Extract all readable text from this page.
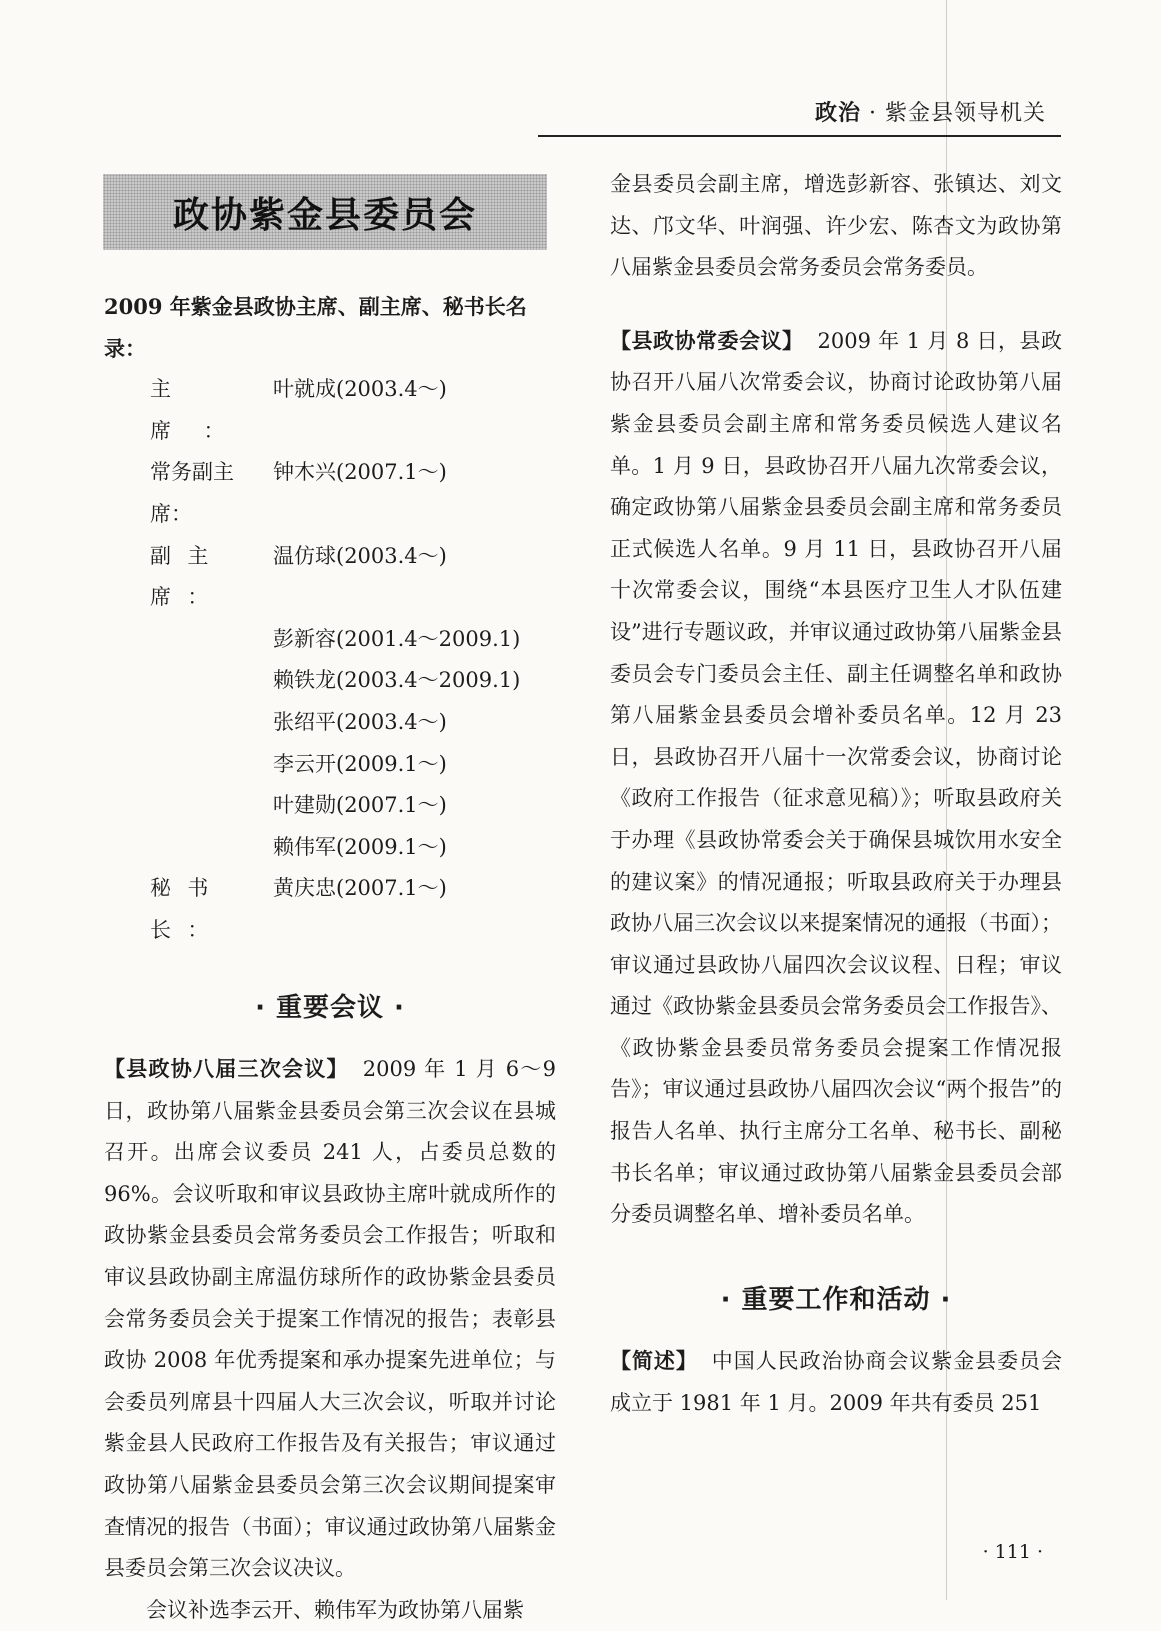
政治 · 紫金县领导机关
政协紫金县委员会

2009 年紫金县政协主席、副主席、秘书长名录：

主　席：
叶就成(2003.4～)
常务副主席：
钟木兴(2007.1～)
副主席：
温仿球(2003.4～)
彭新容(2001.4～2009.1)
赖铁龙(2003.4～2009.1)
张绍平(2003.4～)
李云开(2009.1～)
叶建勋(2007.1～)
赖伟军(2009.1～)
秘书长：
黄庆忠(2007.1～)
· 重要会议 ·

【县政协八届三次会议】 2009 年 1 月 6～9 日，政协第八届紫金县委员会第三次会议在县城召开。出席会议委员 241 人，占委员总数的 96%。会议听取和审议县政协主席叶就成所作的政协紫金县委员会常务委员会工作报告；听取和审议县政协副主席温仿球所作的政协紫金县委员会常务委员会关于提案工作情况的报告；表彰县政协 2008 年优秀提案和承办提案先进单位；与会委员列席县十四届人大三次会议，听取并讨论紫金县人民政府工作报告及有关报告；审议通过政协第八届紫金县委员会第三次会议期间提案审查情况的报告（书面）；审议通过政协第八届紫金县委员会第三次会议决议。

会议补选李云开、赖伟军为政协第八届紫

金县委员会副主席，增选彭新容、张镇达、刘文达、邝文华、叶润强、许少宏、陈杏文为政协第八届紫金县委员会常务委员会常务委员。

【县政协常委会议】 2009 年 1 月 8 日，县政协召开八届八次常委会议，协商讨论政协第八届紫金县委员会副主席和常务委员候选人建议名单。1 月 9 日，县政协召开八届九次常委会议，确定政协第八届紫金县委员会副主席和常务委员正式候选人名单。9 月 11 日，县政协召开八届十次常委会议，围绕“本县医疗卫生人才队伍建设”进行专题议政，并审议通过政协第八届紫金县委员会专门委员会主任、副主任调整名单和政协第八届紫金县委员会增补委员名单。12 月 23 日，县政协召开八届十一次常委会议，协商讨论《政府工作报告（征求意见稿）》；听取县政府关于办理《县政协常委会关于确保县城饮用水安全的建议案》的情况通报；听取县政府关于办理县政协八届三次会议以来提案情况的通报（书面）；审议通过县政协八届四次会议议程、日程；审议通过《政协紫金县委员会常务委员会工作报告》、《政协紫金县委员常务委员会提案工作情况报告》；审议通过县政协八届四次会议“两个报告”的报告人名单、执行主席分工名单、秘书长、副秘书长名单；审议通过政协第八届紫金县委员会部分委员调整名单、增补委员名单。

· 重要工作和活动 ·

【简述】 中国人民政治协商会议紫金县委员会成立于 1981 年 1 月。2009 年共有委员 251

· 111 ·
